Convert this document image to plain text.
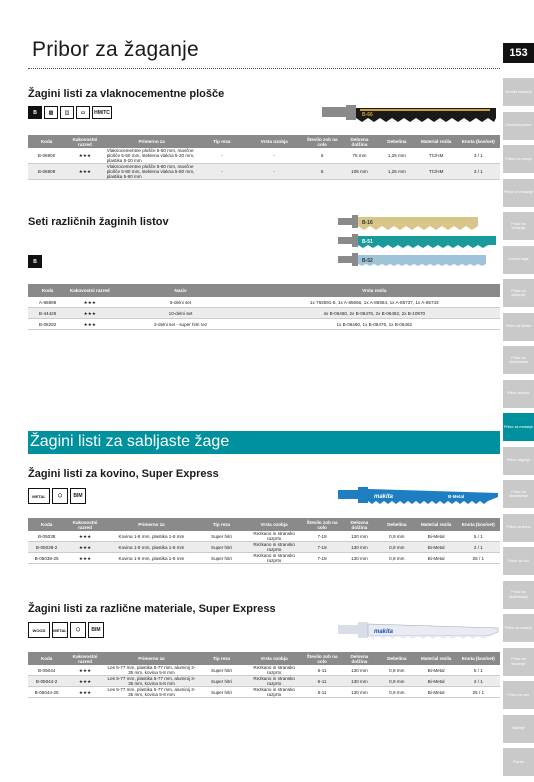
Pribor za žaganje	153
Brusilni nastavki
Diamantni pribor
Pribor za vrtanje
Pribor za rezkanje
Pribor za brušenje
Krožne žage
Pribor za vijačenje
Pribor za ščetke
Pribor za obdelovanje
Pribor za polir.
Pribor za mešanje
Pribor žaganje
Pribor za obdelovanje
Pribor za lesno
Pribor za kov.
Pribor za obdelovanje
Pribor za rezanje
Pribor za brušenje
Pribor za mot.
Baterije
Razno
Žagini listi za vlaknocementne plošče
B	▥	◫	▭	HM/TC	B-66
Koda	Kakovostni razred	Primerno za	Tip reza	Vrsta ozobja	Število zob na colo	Delovna dolžina	Debelina	Material rezila	Enota (kos/set)
B-06800	★★★	Vlaknocementne plošče 5-50 mm, mavčne plošče 5-50 mm, steklena vlakna 5-20 mm, plastika 5-20 mm	-	-	6	75 mm	1,25 mm	TC/HM	3 / 1
B-06809	★★★	Vlaknocementne plošče 5-80 mm, mavčne plošče 5-80 mm, steklena vlakna 5-80 mm, plastika 5-80 mm	-	-	6	105 mm	1,25 mm	TC/HM	3 / 1
Seti različnih žaginih listov
B
B-16
B-51
B-52
Koda	Kakovostni razred	Naziv	Vrsta rezila
A-86898	★★★	5-delni set	1x 792691-8, 1x A-85656, 1x A-85684, 1x A-85737, 1x A-85743
B-44426	★★★	10-delni set	4x B-06460, 2x B-06476, 2x B-06482, 2x B-10970
B-06292	★★★	3-delni set - super hitri rez	1x B-06460, 1x B-06476, 1x B-06482
Žagini listi za sabljaste žage
Žagini listi za kovino, Super Express
METAL	⬡	BIM	makita	B-Metal
Koda	Kakovostni razred	Primerno za	Tip reza	Vrsta ozobja	Število zob na colo	Delovna dolžina	Debelina	Material rezila	Enota (kos/set)
B-05038	★★★	Kovina 1-8 mm, plastika 1-8 mm	Super hitri	Rezkano in stransko razprto	7-18	130 mm	0,9 mm	Bi-Metal	5 / 1
B-05038-2	★★★	Kovina 1-8 mm, plastika 1-8 mm	Super hitri	Rezkano in stransko razprto	7-18	130 mm	0,9 mm	Bi-Metal	2 / 1
B-05038-25	★★★	Kovina 1-8 mm, plastika 1-8 mm	Super hitri	Rezkano in stransko razprto	7-18	130 mm	0,9 mm	Bi-Metal	25 / 1
Žagini listi za različne materiale, Super Express
WOOD	METAL	⬡	BIM	makita
Koda	Kakovostni razred	Primerno za	Tip reza	Vrsta ozobja	Število zob na colo	Delovna dolžina	Debelina	Material rezila	Enota (kos/set)
B-05044	★★★	Les 5-77 mm, plastika 5-77 mm, aluminij 3-35 mm, kovina 5-8 mm	Super hitri	Rezkano in stransko razprto	6-11	130 mm	0,9 mm	Bi-Metal	5 / 1
B-05044-2	★★★	Les 5-77 mm, plastika 5-77 mm, aluminij 3-35 mm, kovina 5-8 mm	Super hitri	Rezkano in stransko razprto	6-11	130 mm	0,9 mm	Bi-Metal	2 / 1
B-05044-25	★★★	Les 5-77 mm, plastika 5-77 mm, aluminij 3-35 mm, kovina 5-8 mm	Super hitri	Rezkano in stransko razprto	6-11	130 mm	0,9 mm	Bi-Metal	25 / 1
